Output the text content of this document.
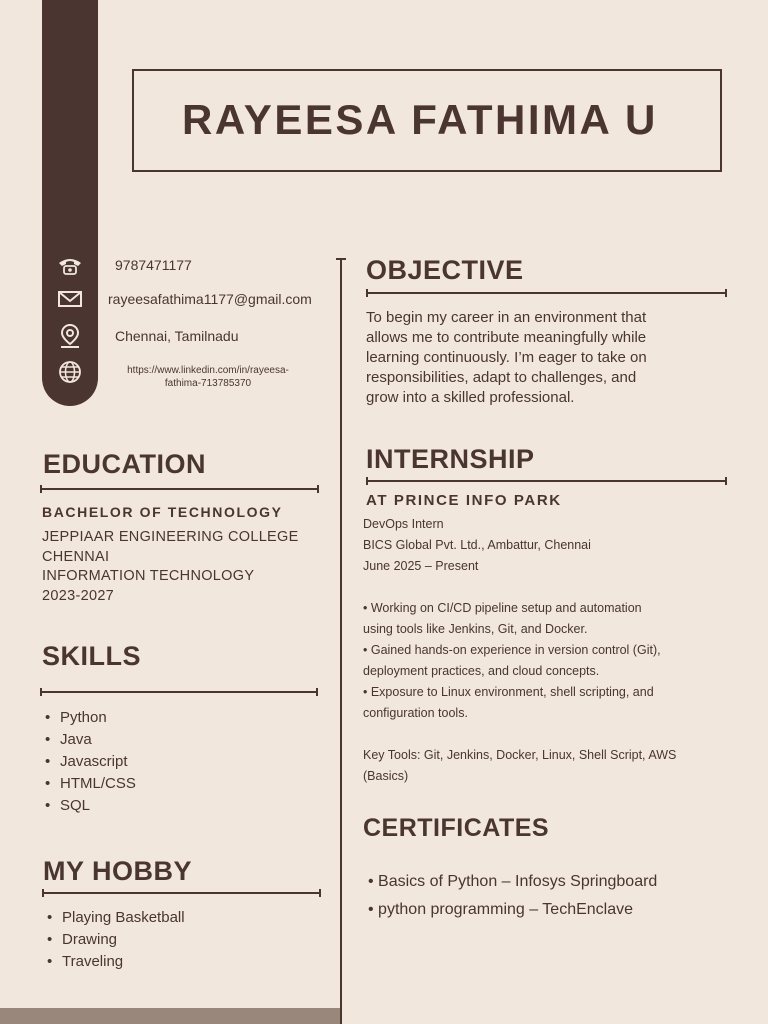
RAYEESA FATHIMA U
9787471177
rayeesafathima1177@gmail.com
Chennai, Tamilnadu
https://www.linkedin.com/in/rayeesa-
fathima-713785370
EDUCATION
BACHELOR OF TECHNOLOGY
JEPPIAAR ENGINEERING COLLEGE
CHENNAI
INFORMATION TECHNOLOGY
2023-2027
SKILLS
• Python
• Java
• Javascript
• HTML/CSS
• SQL
MY HOBBY
• Playing Basketball
• Drawing
• Traveling
OBJECTIVE
To begin my career in an environment that
allows me to contribute meaningfully while
learning continuously. I’m eager to take on
responsibilities, adapt to challenges, and
grow into a skilled professional.
INTERNSHIP
AT PRINCE INFO PARK
DevOps Intern
BICS Global Pvt. Ltd., Ambattur, Chennai
June 2025 – Present
• Working on CI/CD pipeline setup and automation
using tools like Jenkins, Git, and Docker.
• Gained hands-on experience in version control (Git),
deployment practices, and cloud concepts.
• Exposure to Linux environment, shell scripting, and
configuration tools.
Key Tools: Git, Jenkins, Docker, Linux, Shell Script, AWS
(Basics)
CERTIFICATES
• Basics of Python – Infosys Springboard
• python programming – TechEnclave
